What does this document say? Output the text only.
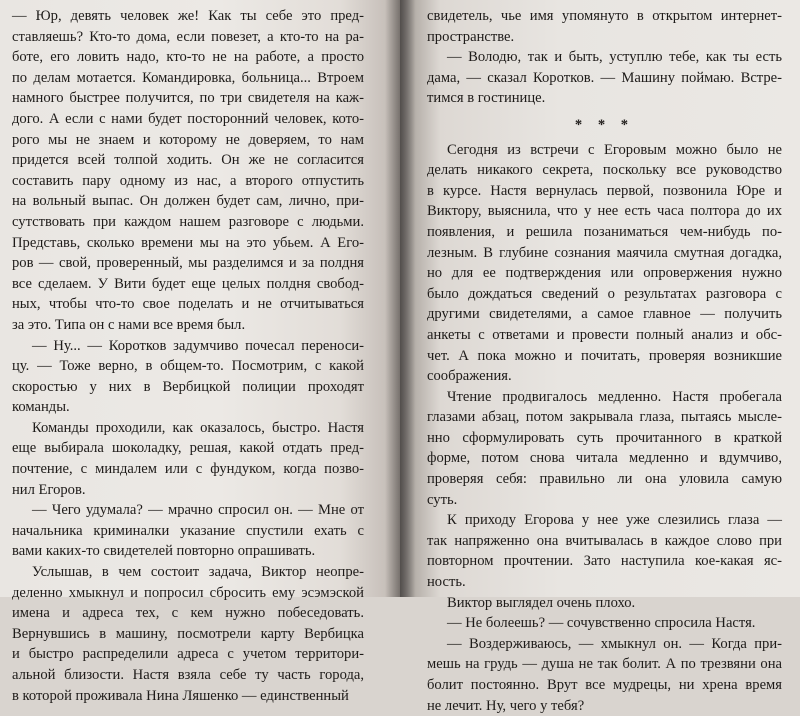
— Юр, девять человек же! Как ты себе это пред-
ставляешь? Кто-то дома, если повезет, а кто-то на ра-
боте, его ловить надо, кто-то не на работе, а просто
по делам мотается. Командировка, больница... Втроем
намного быстрее получится, по три свидетеля на каж-
дого. А если с нами будет посторонний человек, кото-
рого мы не знаем и которому не доверяем, то нам
придется всей толпой ходить. Он же не согласится
составить пару одному из нас, а второго отпустить
на вольный выпас. Он должен будет сам, лично, при-
сутствовать при каждом нашем разговоре с людьми.
Представь, сколько времени мы на это убьем. А Его-
ров — свой, проверенный, мы разделимся и за полдня
все сделаем. У Вити будет еще целых полдня свобод-
ных, чтобы что-то свое поделать и не отчитываться
за это. Типа он с нами все время был.
— Ну... — Коротков задумчиво почесал переноси-
цу. — Тоже верно, в общем-то. Посмотрим, с какой
скоростью у них в Вербицкой полиции проходят
команды.
Команды проходили, как оказалось, быстро. Настя
еще выбирала шоколадку, решая, какой отдать пред-
почтение, с миндалем или с фундуком, когда позво-
нил Егоров.
— Чего удумала? — мрачно спросил он. — Мне от
начальника криминалки указание спустили ехать с
вами каких-то свидетелей повторно опрашивать.
Услышав, в чем состоит задача, Виктор неопре-
деленно хмыкнул и попросил сбросить ему эсэмэской
имена и адреса тех, с кем нужно побеседовать.
Вернувшись в машину, посмотрели карту Вербицка
и быстро распределили адреса с учетом территори-
альной близости. Настя взяла себе ту часть города,
в которой проживала Нина Ляшенко — единственный
свидетель, чье имя упомянуто в открытом интернет-
пространстве.
— Володю, так и быть, уступлю тебе, как ты есть
дама, — сказал Коротков. — Машину поймаю. Встре-
тимся в гостинице.
* * *
Сегодня из встречи с Егоровым можно было не
делать никакого секрета, поскольку все руководство
в курсе. Настя вернулась первой, позвонила Юре и
Виктору, выяснила, что у нее есть часа полтора до их
появления, и решила позаниматься чем-нибудь по-
лезным. В глубине сознания маячила смутная догадка,
но для ее подтверждения или опровержения нужно
было дождаться сведений о результатах разговора с
другими свидетелями, а самое главное — получить
анкеты с ответами и провести полный анализ и обс-
чет. А пока можно и почитать, проверяя возникшие
соображения.
Чтение продвигалось медленно. Настя пробегала
глазами абзац, потом закрывала глаза, пытаясь мысле-
нно сформулировать суть прочитанного в краткой
форме, потом снова читала медленно и вдумчиво,
проверяя себя: правильно ли она уловила самую
суть.
К приходу Егорова у нее уже слезились глаза —
так напряженно она вчитывалась в каждое слово при
повторном прочтении. Зато наступила кое-какая яс-
ность.
Виктор выглядел очень плохо.
— Не болеешь? — сочувственно спросила Настя.
— Воздерживаюсь, — хмыкнул он. — Когда при-
мешь на грудь — душа не так болит. А по трезвяни она
болит постоянно. Врут все мудрецы, ни хрена время
не лечит. Ну, чего у тебя?
